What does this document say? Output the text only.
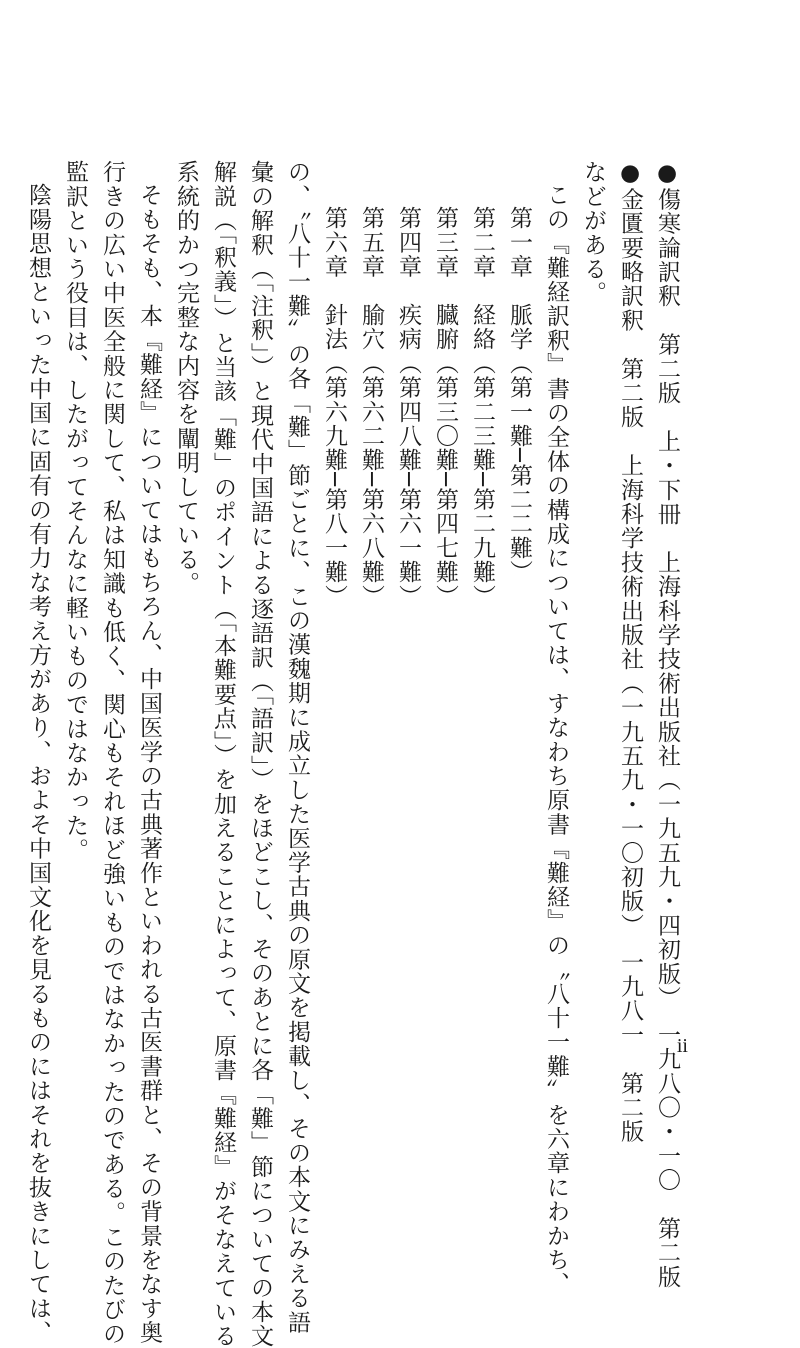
●傷寒論訳釈　第二版　上・下冊　上海科学技術出版社（一九五九・四初版）　一九八〇・一〇　第二版
●金匱要略訳釈　第二版　上海科学技術出版社（一九五九・一〇初版）　一九八一　第二版
などがある。
この『難経訳釈』書の全体の構成については、すなわち原書『難経』の〝八十一難〟を六章にわかち、
第一章　脈学（第一難─第二二難）
第二章　経絡（第二三難─第二九難）
第三章　臓腑（第三〇難─第四七難）
第四章　疾病（第四八難─第六一難）
第五章　腧穴（第六二難─第六八難）
第六章　針法（第六九難─第八一難）
の、〝八十一難〟の各「難」節ごとに、この漢魏期に成立した医学古典の原文を掲載し、その本文にみえる語
彙の解釈（「注釈」）と現代中国語による逐語訳（「語訳」）をほどこし、そのあとに各「難」節についての本文
解説（「釈義」）と当該「難」のポイント（「本難要点」）を加えることによって、原書『難経』がそなえている
系統的かつ完整な内容を闡明している。
そもそも、本『難経』についてはもちろん、中国医学の古典著作といわれる古医書群と、その背景をなす奥
行きの広い中医全般に関して、私は知識も低く、関心もそれほど強いものではなかったのである。このたびの
監訳という役目は、したがってそんなに軽いものではなかった。
陰陽思想といった中国に固有の有力な考え方があり、およそ中国文化を見るものにはそれを抜きにしては、	ii
